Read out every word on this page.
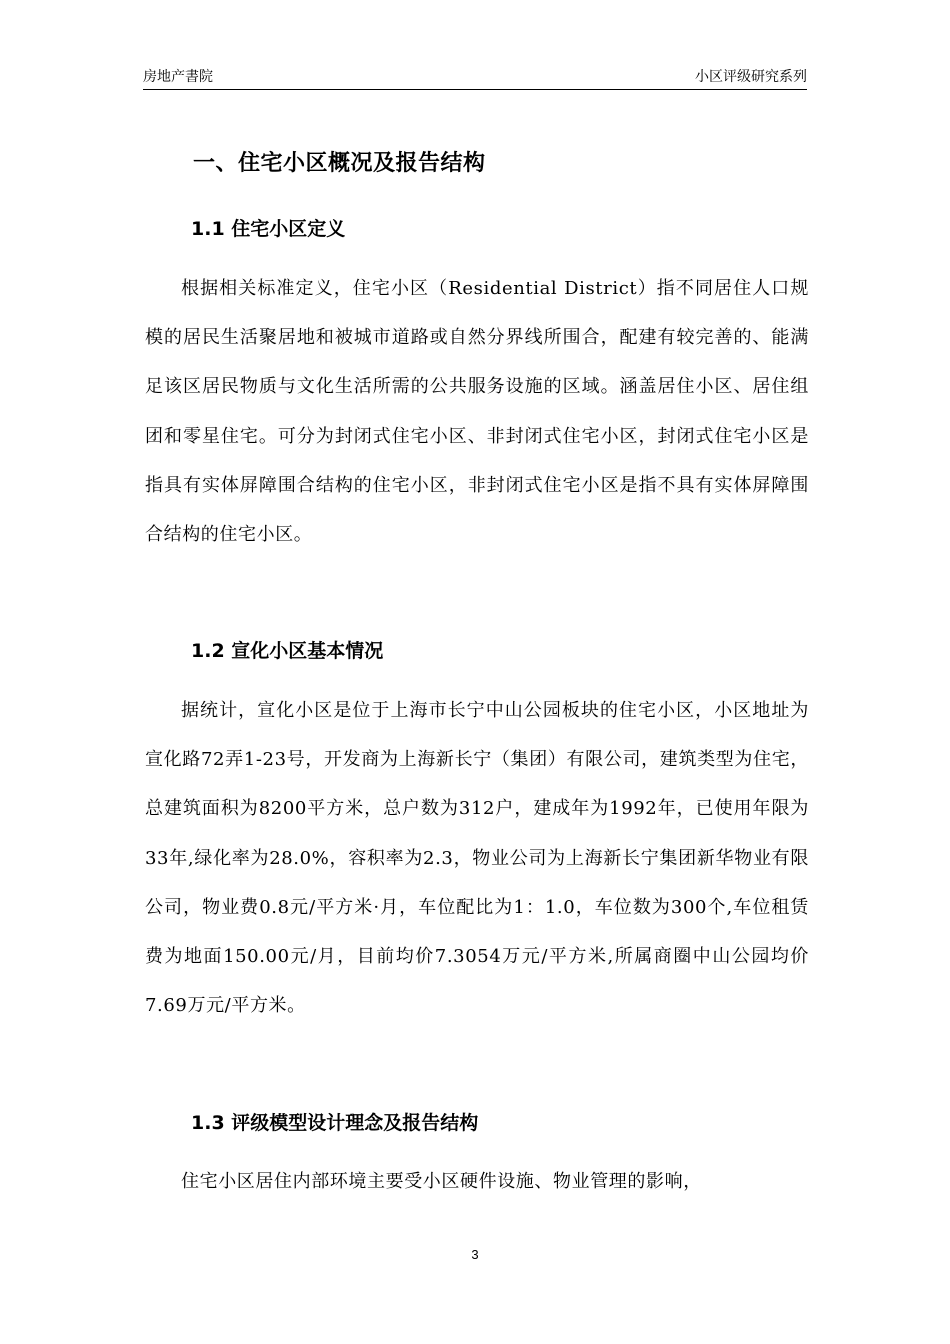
房地产書院	小区评级研究系列
一、住宅小区概况及报告结构
1.1 住宅小区定义
根据相关标准定义，住宅小区（Residential District）指不同居住人口规模的居民生活聚居地和被城市道路或自然分界线所围合，配建有较完善的、能满足该区居民物质与文化生活所需的公共服务设施的区域。涵盖居住小区、居住组团和零星住宅。可分为封闭式住宅小区、非封闭式住宅小区，封闭式住宅小区是指具有实体屏障围合结构的住宅小区，非封闭式住宅小区是指不具有实体屏障围合结构的住宅小区。
1.2 宣化小区基本情况
据统计，宣化小区是位于上海市长宁中山公园板块的住宅小区，小区地址为宣化路72弄1-23号，开发商为上海新长宁（集团）有限公司，建筑类型为住宅，总建筑面积为8200平方米，总户数为312户，建成年为1992年，已使用年限为33年,绿化率为28.0%，容积率为2.3，物业公司为上海新长宁集团新华物业有限公司，物业费0.8元/平方米·月，车位配比为1：1.0，车位数为300个,车位租赁费为地面150.00元/月，目前均价7.3054万元/平方米,所属商圈中山公园均价7.69万元/平方米。
1.3 评级模型设计理念及报告结构
住宅小区居住内部环境主要受小区硬件设施、物业管理的影响，
3
